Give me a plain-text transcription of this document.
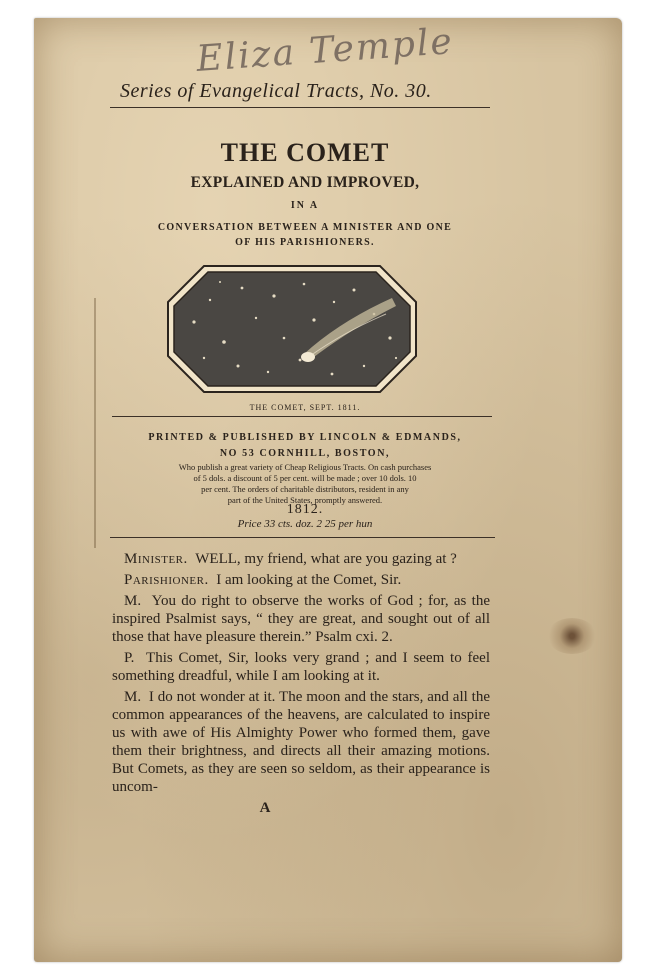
Eliza Temple
Series of Evangelical Tracts, No. 30.
THE COMET
EXPLAINED AND IMPROVED,
IN A
CONVERSATION BETWEEN A MINISTER AND ONE
OF HIS PARISHIONERS.
THE COMET, SEPT. 1811.
PRINTED & PUBLISHED BY LINCOLN & EDMANDS,
NO 53 CORNHILL, BOSTON,
Who publish a great variety of Cheap Religious Tracts. On cash purchases
of 5 dols. a discount of 5 per cent. will be made ; over 10 dols. 10
per cent. The orders of charitable distributors, resident in any
part of the United States, promptly answered.
1812.
Price 33 cts. doz. 2 25 per hun

Minister. WELL, my friend, what are you gazing at ?

Parishioner. I am looking at the Comet, Sir.

M. You do right to observe the works of God ; for, as the inspired Psalmist says, “ they are great, and sought out of all those that have pleasure therein.” Psalm cxi. 2.

P. This Comet, Sir, looks very grand ; and I seem to feel something dreadful, while I am looking at it.

M. I do not wonder at it. The moon and the stars, and all the common appearances of the heavens, are calculated to inspire us with awe of His Almighty Power who formed them, gave them their brightness, and directs all their amazing motions. But Comets, as they are seen so seldom, as their appearance is uncom-

A
